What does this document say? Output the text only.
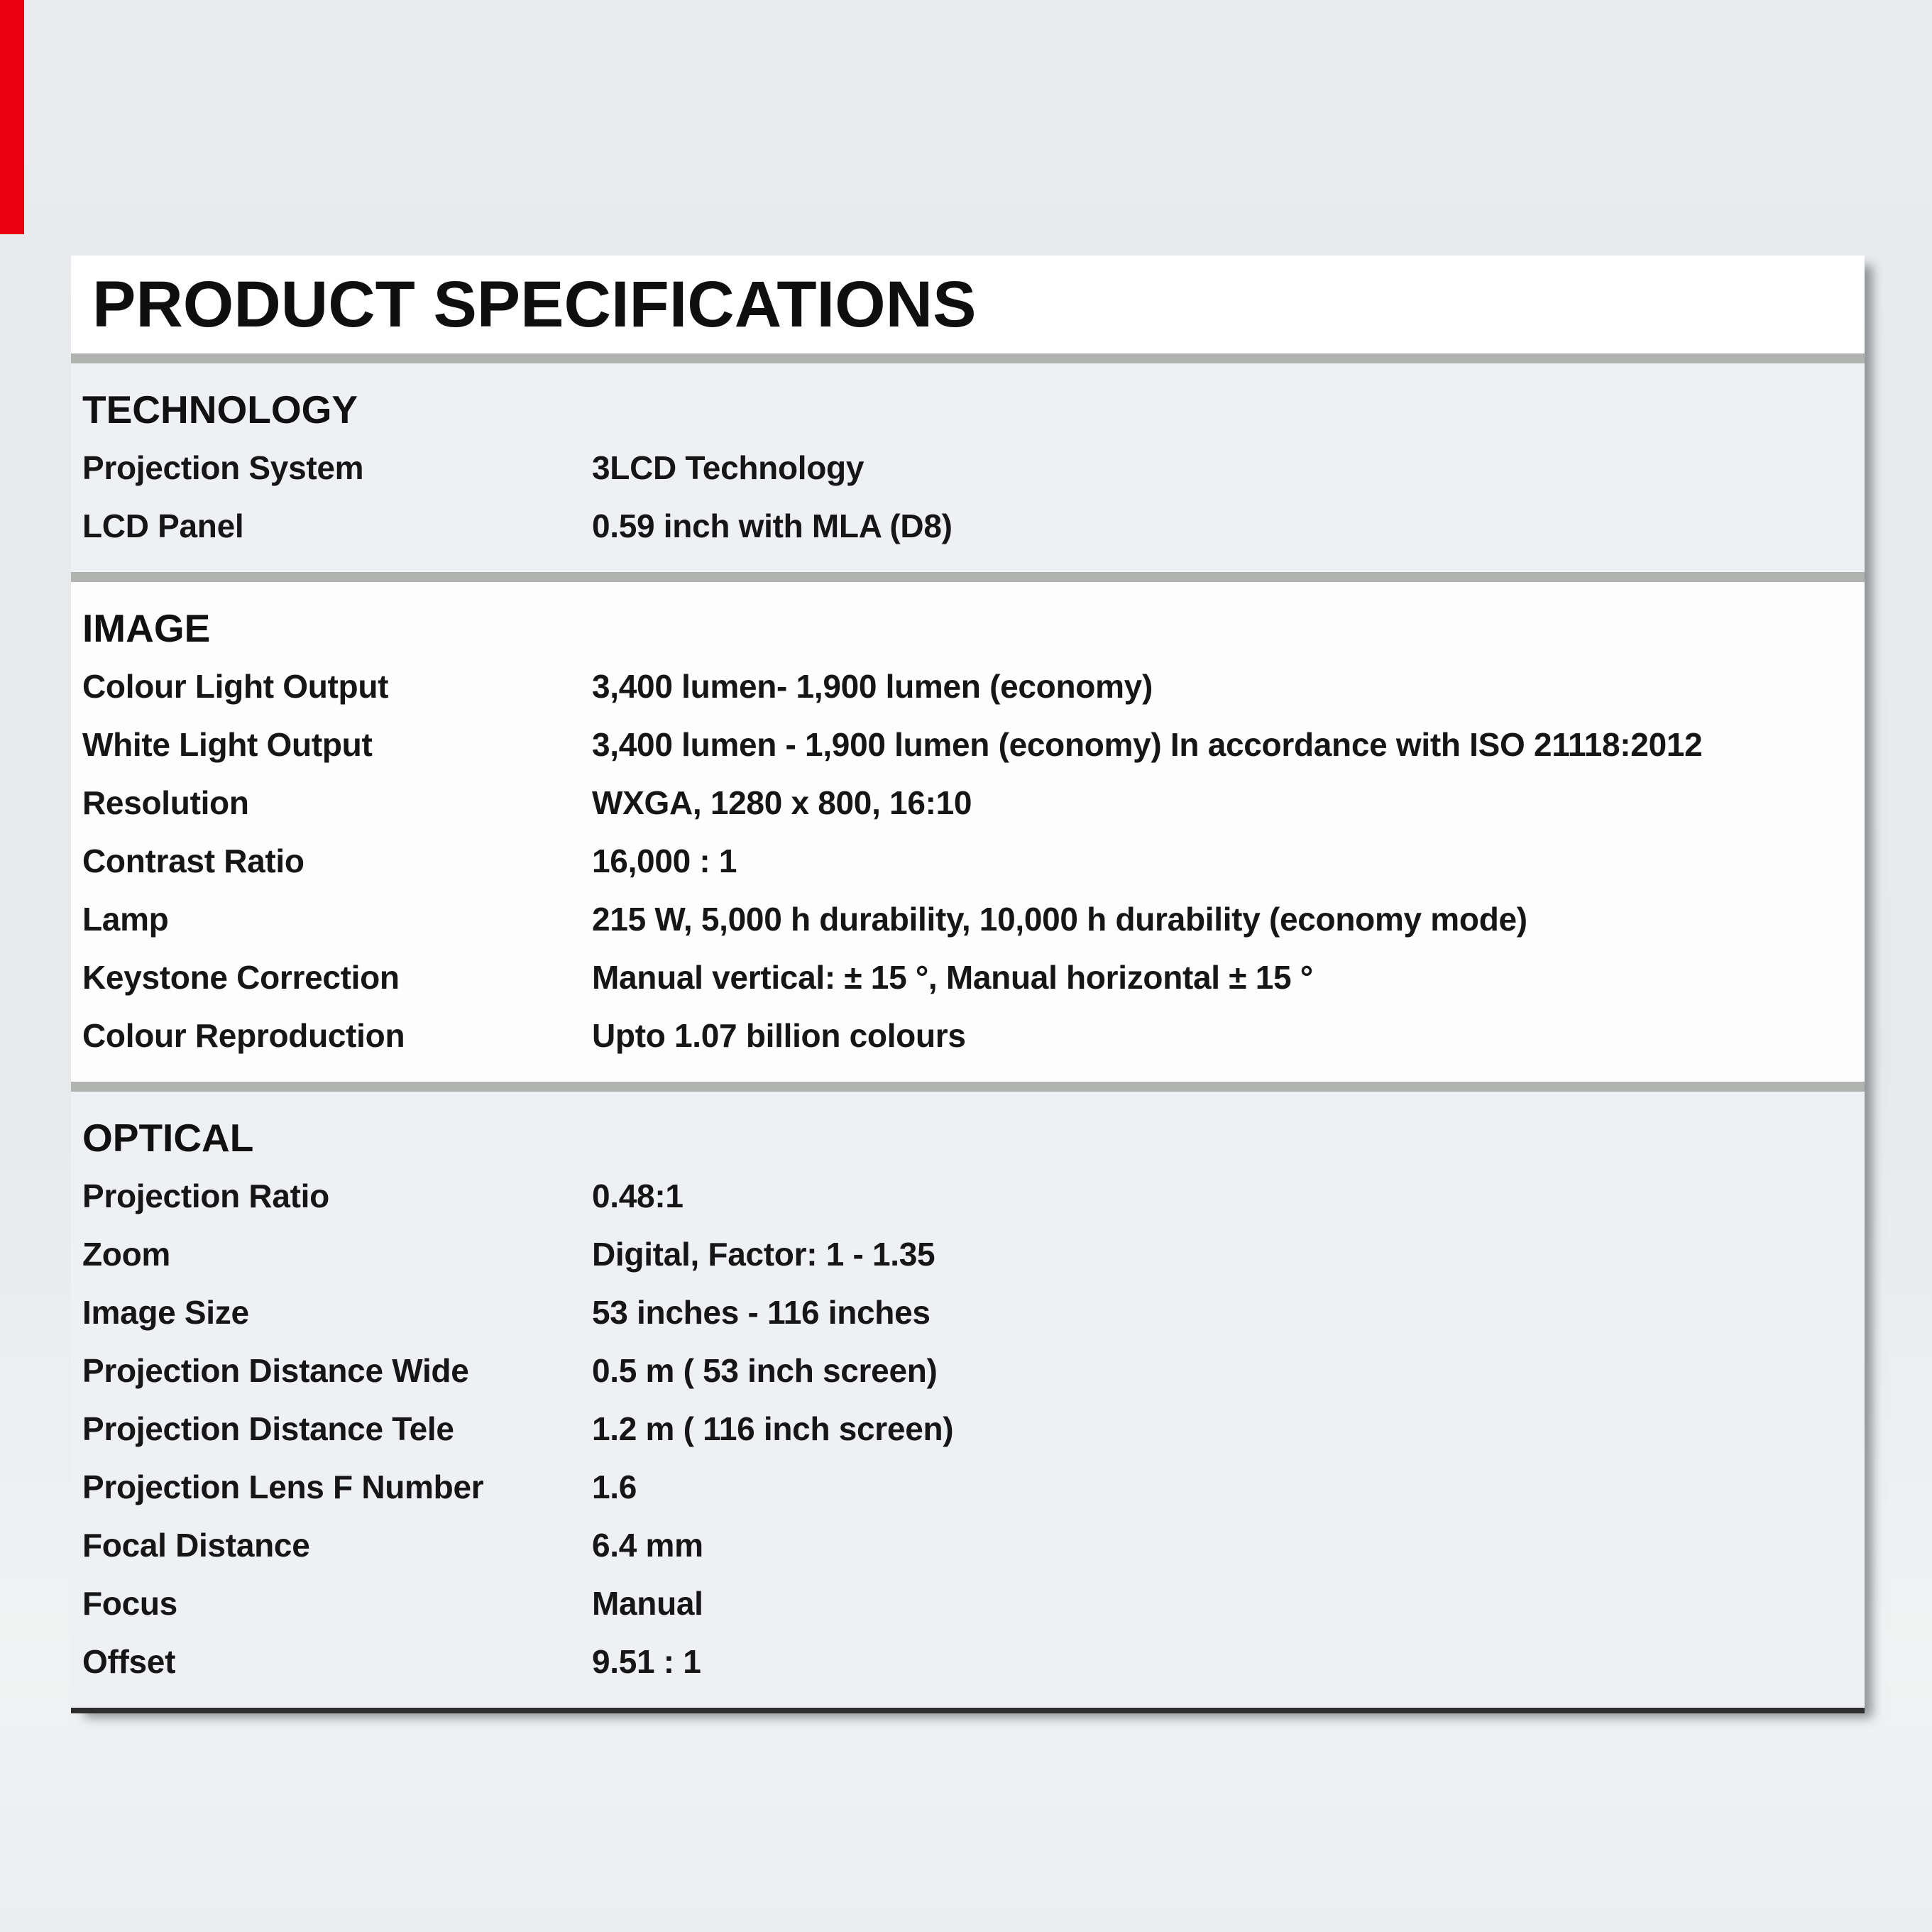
PRODUCT SPECIFICATIONS
TECHNOLOGY
Projection System	3LCD Technology
LCD Panel	0.59 inch with MLA (D8)
IMAGE
Colour Light Output	3,400 lumen- 1,900 lumen (economy)
White Light Output	3,400 lumen - 1,900 lumen (economy) In accordance with ISO 21118:2012
Resolution	WXGA, 1280 x 800, 16:10
Contrast Ratio	16,000 : 1
Lamp	215 W, 5,000 h durability, 10,000 h durability (economy mode)
Keystone Correction	Manual vertical: ± 15 °, Manual horizontal ± 15 °
Colour Reproduction	Upto 1.07 billion colours
OPTICAL
Projection Ratio	0.48:1
Zoom	Digital, Factor: 1 - 1.35
Image Size	53 inches - 116 inches
Projection Distance Wide	0.5 m ( 53 inch screen)
Projection Distance Tele	1.2 m ( 116 inch screen)
Projection Lens F Number	1.6
Focal Distance	6.4 mm
Focus	Manual
Offset	9.51 : 1
